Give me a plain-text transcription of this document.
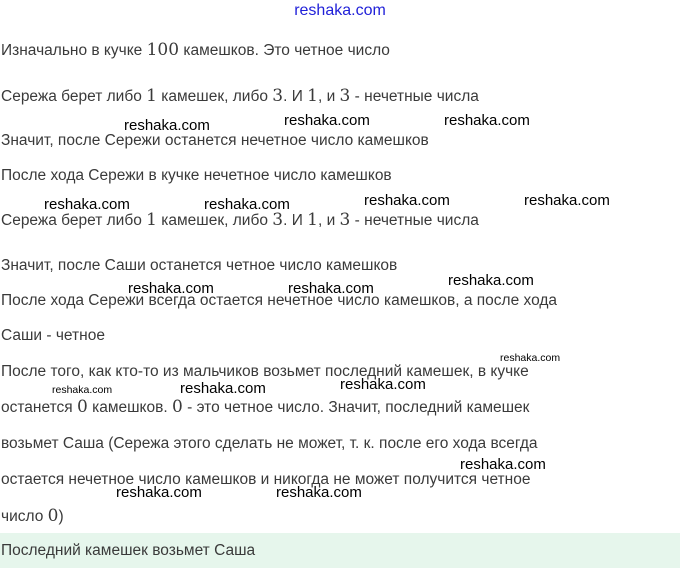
reshaka.com
Изначально в кучке 100 камешков. Это четное число
Сережа берет либо 1 камешек, либо 3. И 1, и 3 - нечетные числа
Значит, после Сережи останется нечетное число камешков
После хода Сережи в кучке нечетное число камешков
Сережа берет либо 1 камешек, либо 3. И 1, и 3 - нечетные числа
Значит, после Саши останется четное число камешков
После хода Сережи всегда остается нечетное число камешков, а после хода
Саши - четное
После того, как кто-то из мальчиков возьмет последний камешек, в кучке
останется 0 камешков. 0 - это четное число. Значит, последний камешек
возьмет Саша (Сережа этого сделать не может, т. к. после его хода всегда
остается нечетное число камешков и никогда не может получится четное
число 0)
Последний камешек возьмет Саша
reshaka.com	reshaka.com	reshaka.com
reshaka.com	reshaka.com	reshaka.com	reshaka.com
reshaka.com	reshaka.com	reshaka.com
reshaka.com
reshaka.com	reshaka.com	reshaka.com
reshaka.com
reshaka.com	reshaka.com
